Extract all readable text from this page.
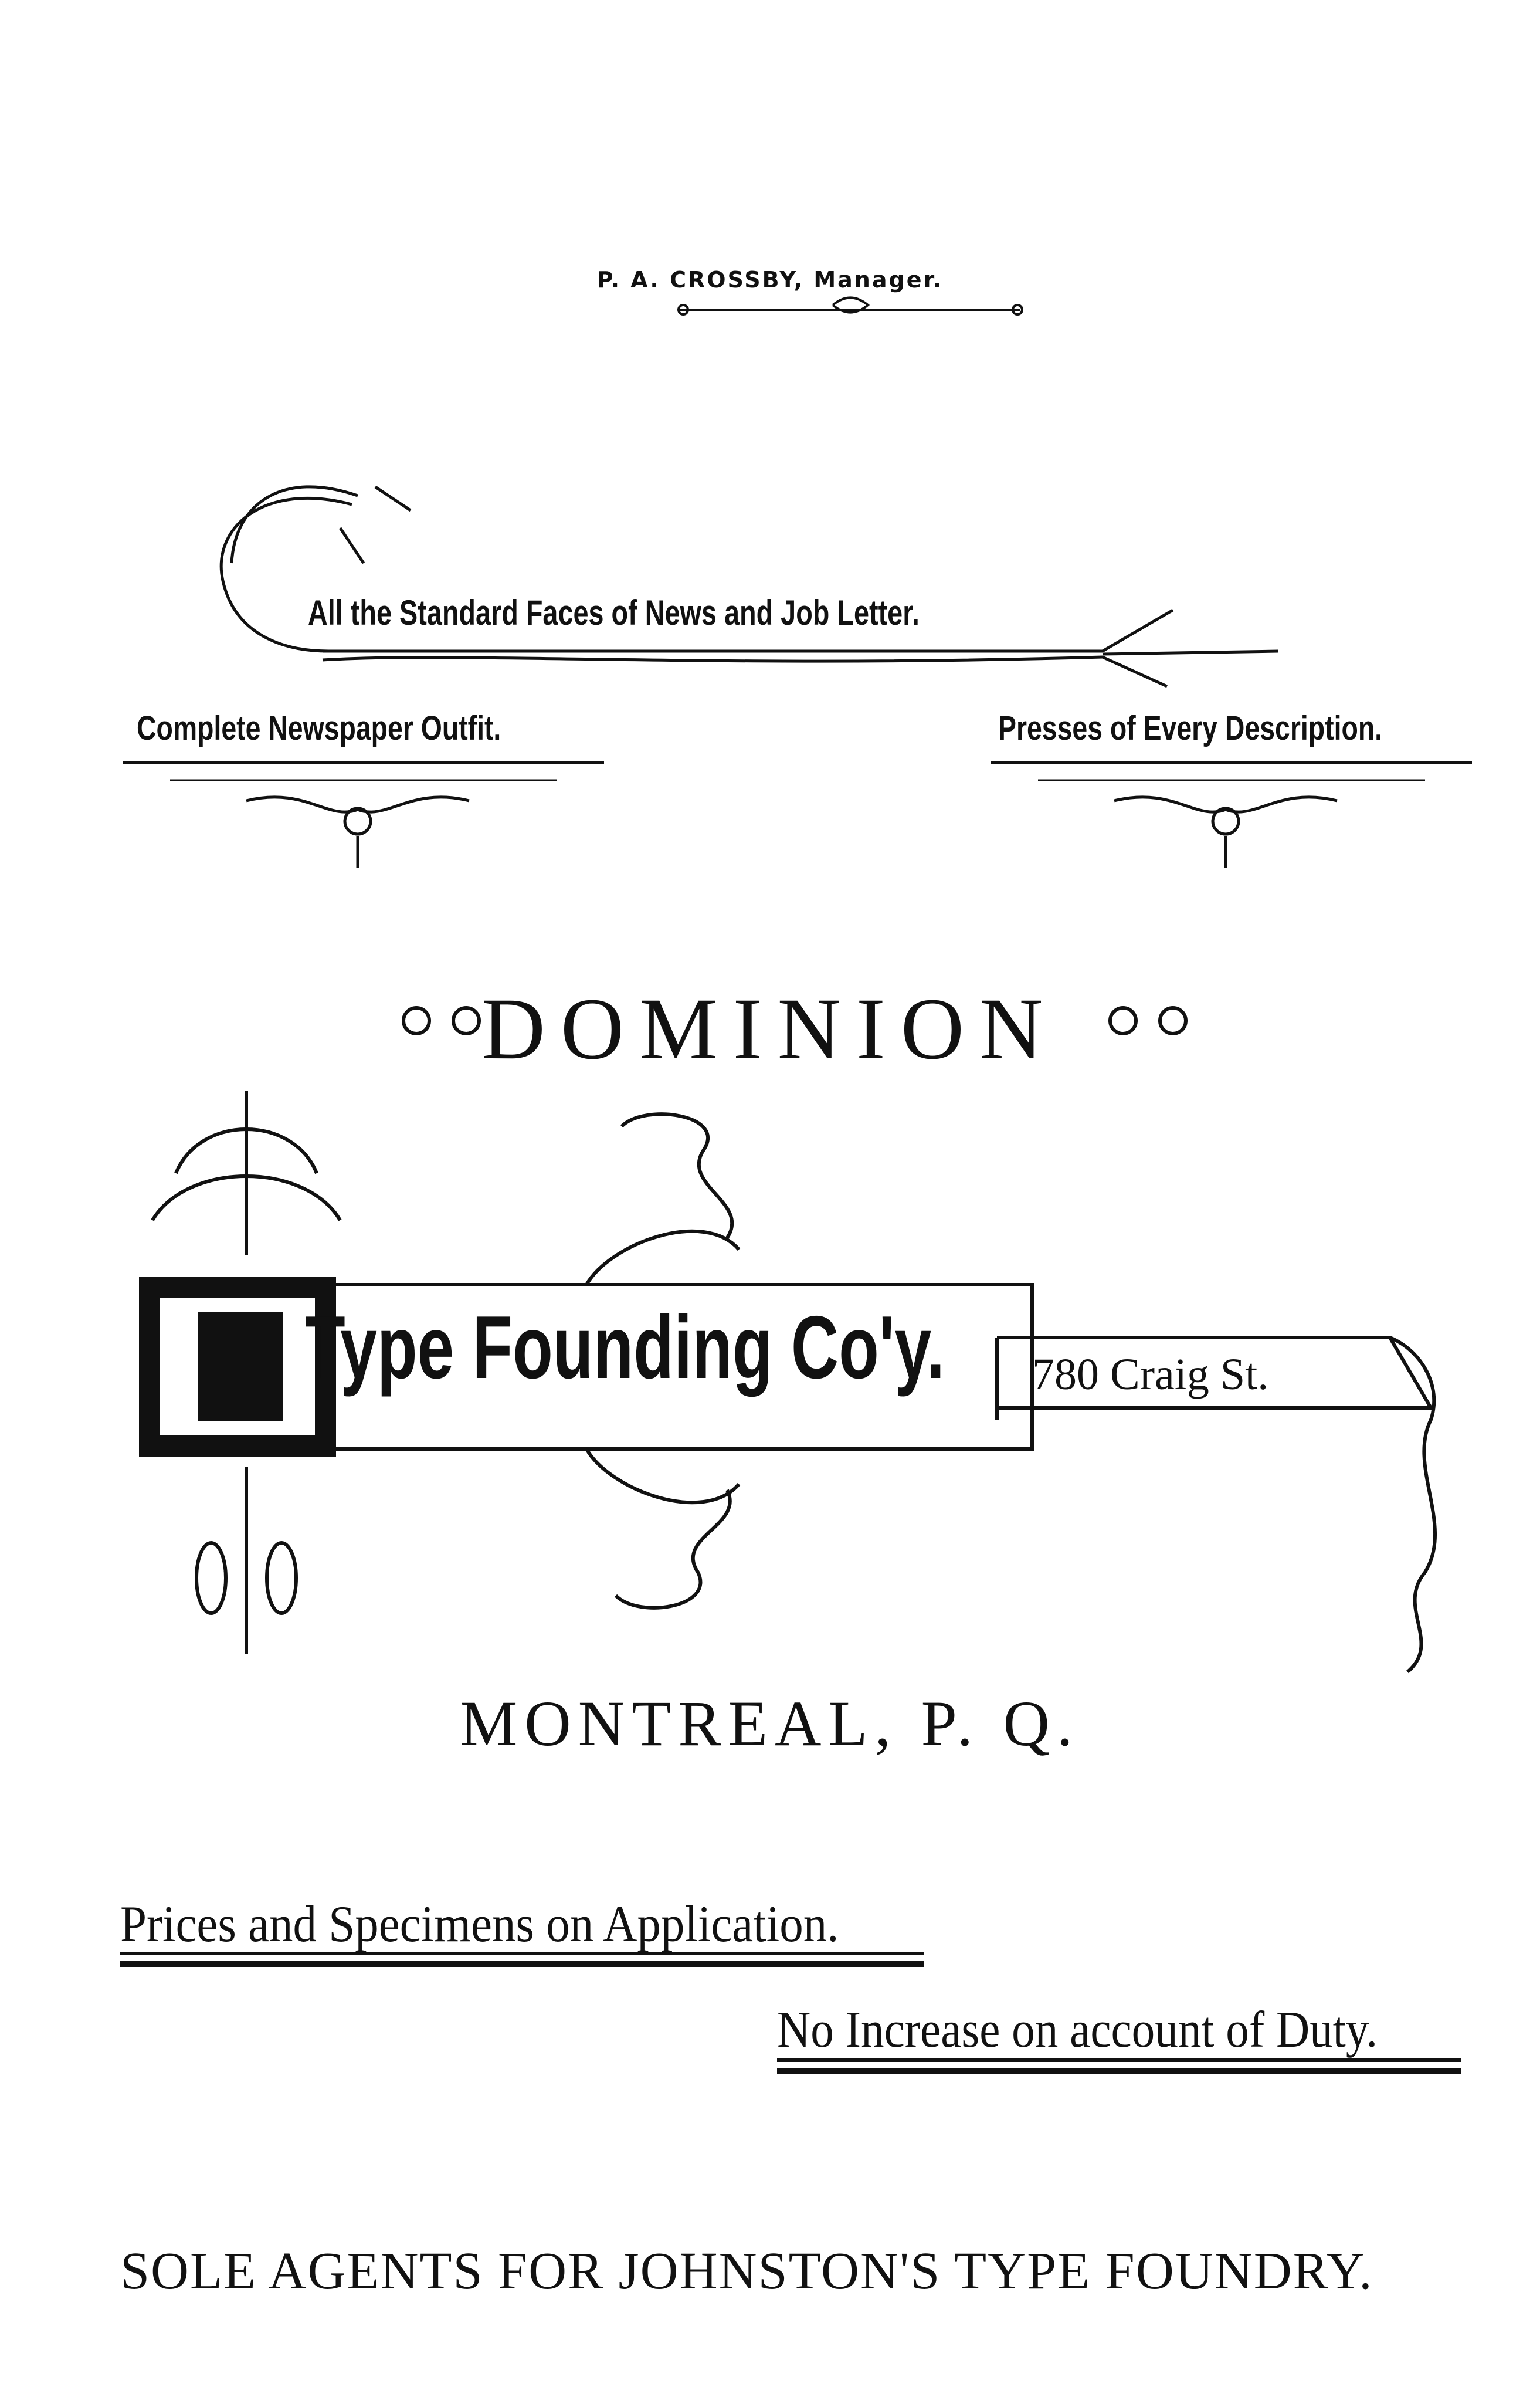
P. A. CROSSBY, Manager.
All the Standard Faces of News and Job Letter.
Complete Newspaper Outfit.	Presses of Every Description.
DOMINION
Type Founding Co'y. 780 Craig St.
MONTREAL, P. Q.
Prices and Specimens on Application.
No Increase on account of Duty.
SOLE AGENTS FOR JOHNSTON'S TYPE FOUNDRY.
